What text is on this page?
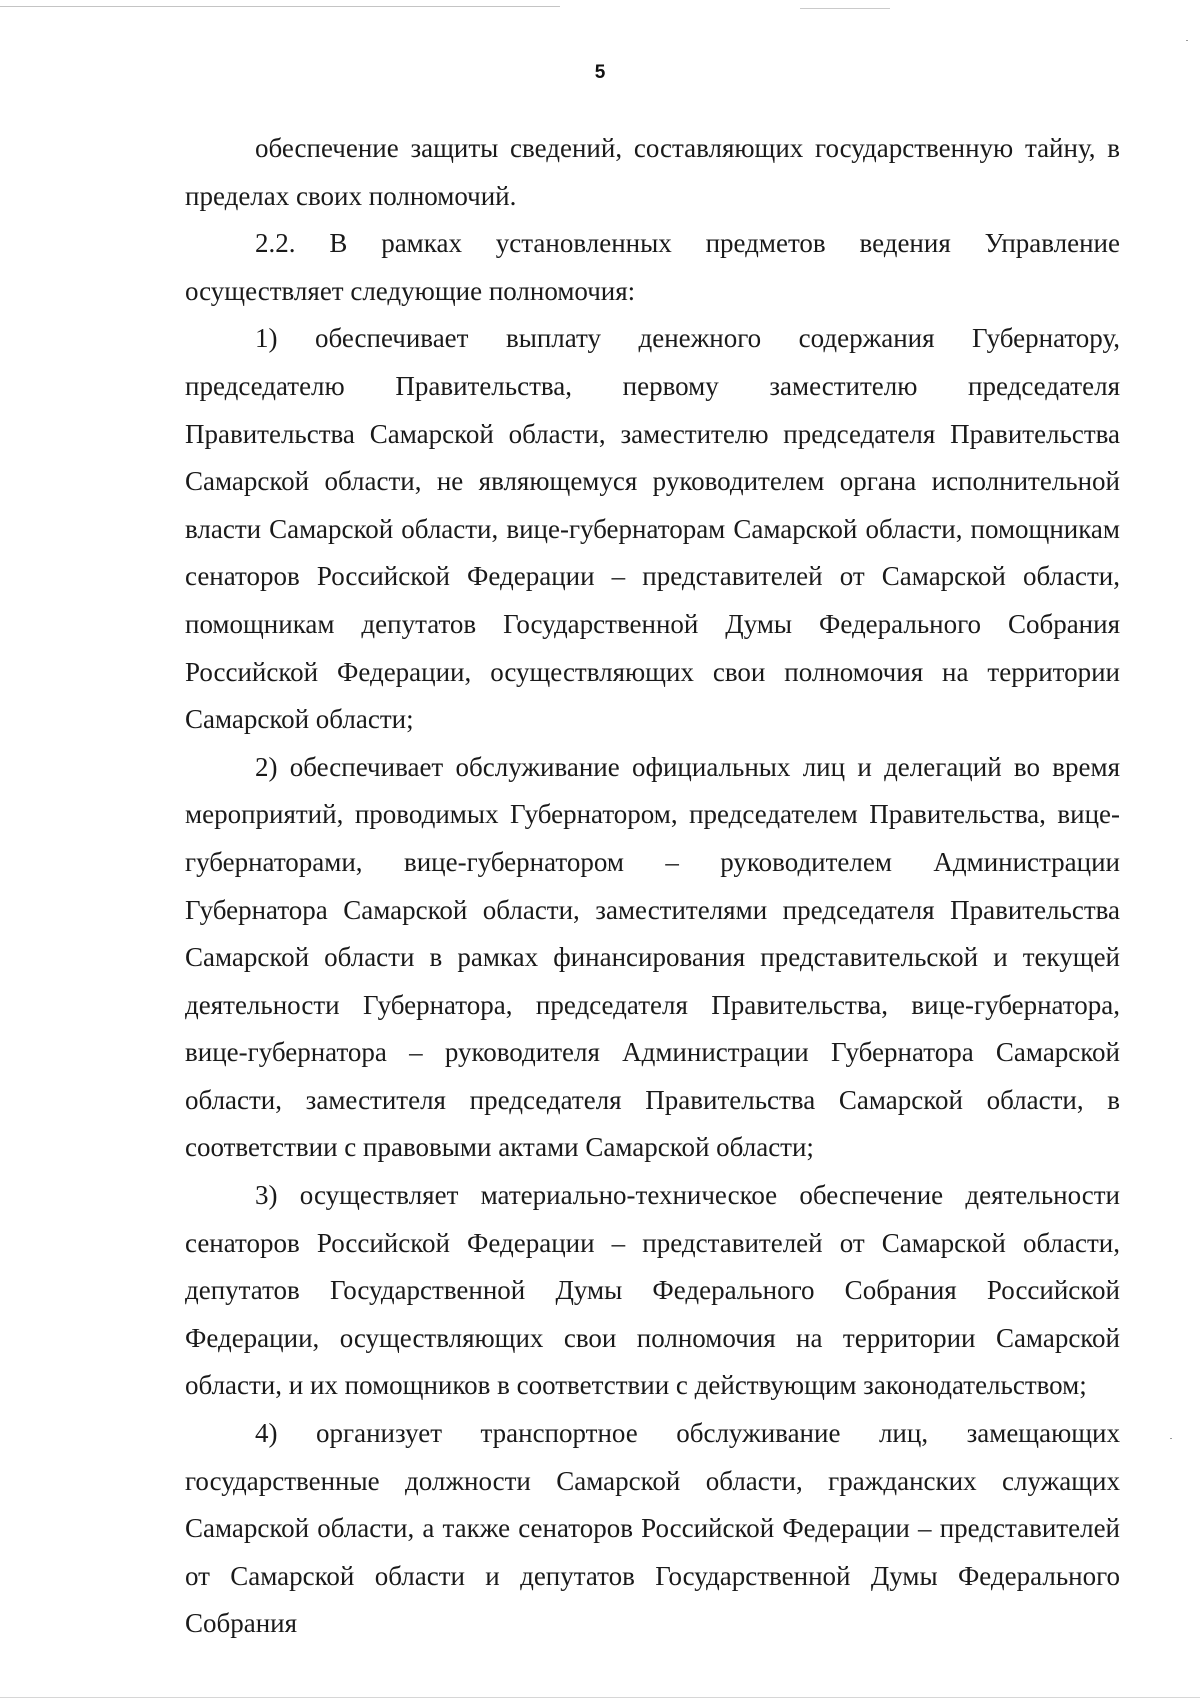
5

обеспечение защиты сведений, составляющих государственную тайну, в пределах своих полномочий.

2.2. В рамках установленных предметов ведения Управление осуществляет следующие полномочия:

1) обеспечивает выплату денежного содержания Губернатору, председателю Правительства, первому заместителю председателя Правительства Самарской области, заместителю председателя Правительства Самарской области, не являющемуся руководителем органа исполнительной власти Самарской области, вице-губернаторам Самарской области, помощникам сенаторов Российской Федерации – представителей от Самарской области, помощникам депутатов Государственной Думы Федерального Собрания Российской Федерации, осуществляющих свои полномочия на территории Самарской области;

2) обеспечивает обслуживание официальных лиц и делегаций во время мероприятий, проводимых Губернатором, председателем Правительства, вице-губернаторами, вице-губернатором – руководителем Администрации Губернатора Самарской области, заместителями председателя Правительства Самарской области в рамках финансирования представительской и текущей деятельности Губернатора, председателя Правительства, вице-губернатора, вице-губернатора – руководителя Администрации Губернатора Самарской области, заместителя председателя Правительства Самарской области, в соответствии с правовыми актами Самарской области;

3) осуществляет материально-техническое обеспечение деятельности сенаторов Российской Федерации – представителей от Самарской области, депутатов Государственной Думы Федерального Собрания Российской Федерации, осуществляющих свои полномочия на территории Самарской области, и их помощников в соответствии с действующим законодательством;

4) организует транспортное обслуживание лиц, замещающих государственные должности Самарской области, гражданских служащих Самарской области, а также сенаторов Российской Федерации – представителей от Самарской области и депутатов Государственной Думы Федерального Собрания
